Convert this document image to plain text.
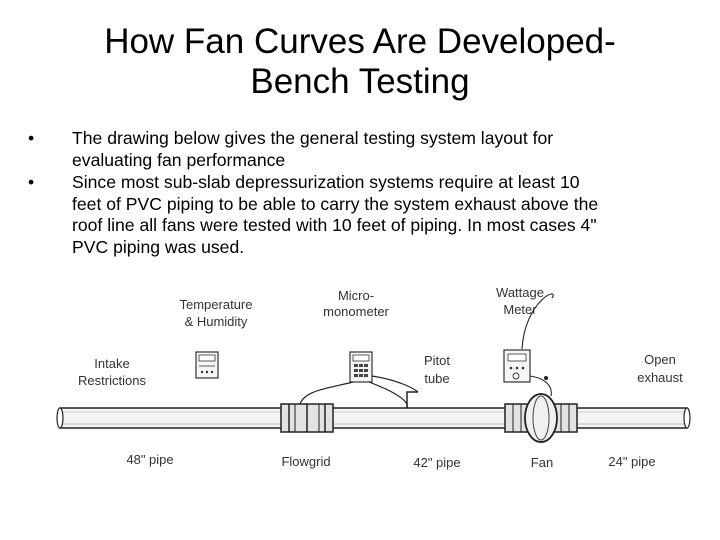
How Fan Curves Are Developed-
Bench Testing
•	The drawing below gives the general testing system layout for
evaluating fan performance
•	Since most sub-slab depressurization systems require at least 10
feet of PVC piping to be able to carry the system exhaust above the
roof line all fans were tested with 10 feet of piping. In most cases 4"
PVC piping was used.
Temperature
& Humidity
Micro-
monometer
Wattage
Meter
Intake
Restrictions
Pitot
tube
Open
exhaust
48" pipe	Flowgrid	42" pipe	Fan	24" pipe
